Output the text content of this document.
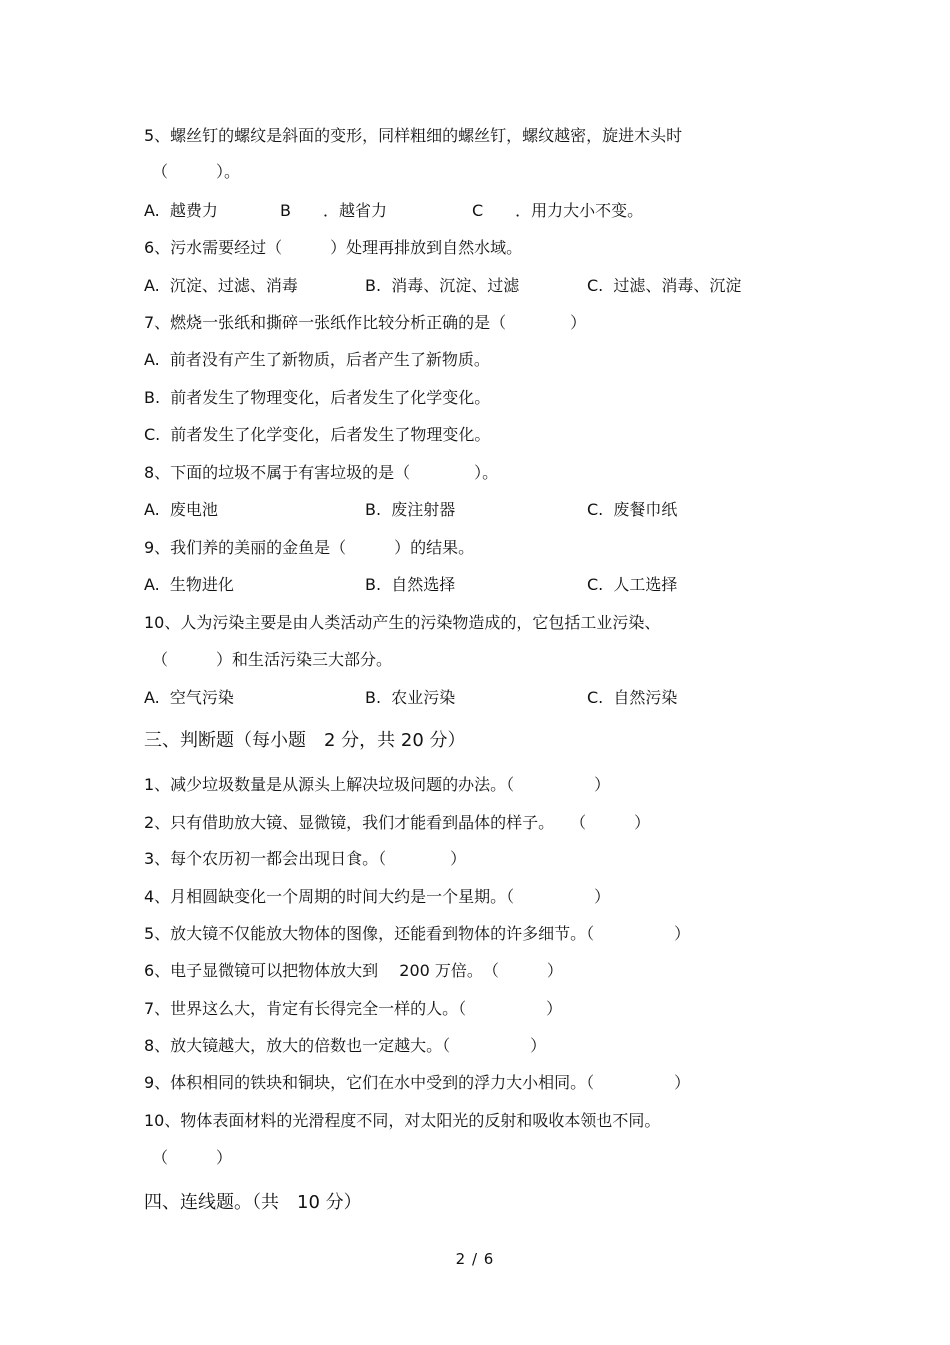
5、螺丝钉的螺纹是斜面的变形，同样粗细的螺丝钉，螺纹越密，旋进木头时
（　　　）。
A.  越费力	B　　．越省力	C　　．用力大小不变。
6、污水需要经过（　　　）处理再排放到自然水域。
A.  沉淀、过滤、消毒	B.  消毒、沉淀、过滤	C.  过滤、消毒、沉淀
7、燃烧一张纸和撕碎一张纸作比较分析正确的是（　　　　）
A.  前者没有产生了新物质，后者产生了新物质。
B.  前者发生了物理变化，后者发生了化学变化。
C.  前者发生了化学变化，后者发生了物理变化。
8、下面的垃圾不属于有害垃圾的是（　　　　）。
A.  废电池	B.  废注射器	C.  废餐巾纸
9、我们养的美丽的金鱼是（　　　）的结果。
A.  生物进化	B.  自然选择	C.  人工选择
10、人为污染主要是由人类活动产生的污染物造成的，它包括工业污染、
（　　　）和生活污染三大部分。
A.  空气污染	B.  农业污染	C.  自然污染
三、判断题（每小题　2 分，共 20 分）
1、减少垃圾数量是从源头上解决垃圾问题的办法。（　　　　　）
2、只有借助放大镜、显微镜，我们才能看到晶体的样子。　　（　　　）
3、每个农历初一都会出现日食。（　　　　）
4、月相圆缺变化一个周期的时间大约是一个星期。（　　　　　）
5、放大镜不仅能放大物体的图像，还能看到物体的许多细节。（　　　　　）
6、电子显微镜可以把物体放大到　 200 万倍。　（　　　）
7、世界这么大，肯定有长得完全一样的人。（　　　　　）
8、放大镜越大，放大的倍数也一定越大。（　　　　　）
9、体积相同的铁块和铜块，它们在水中受到的浮力大小相同。（　　　　　）
10、物体表面材料的光滑程度不同，对太阳光的反射和吸收本领也不同。
（　　　）
四、连线题。（共　10 分）
2 / 6
